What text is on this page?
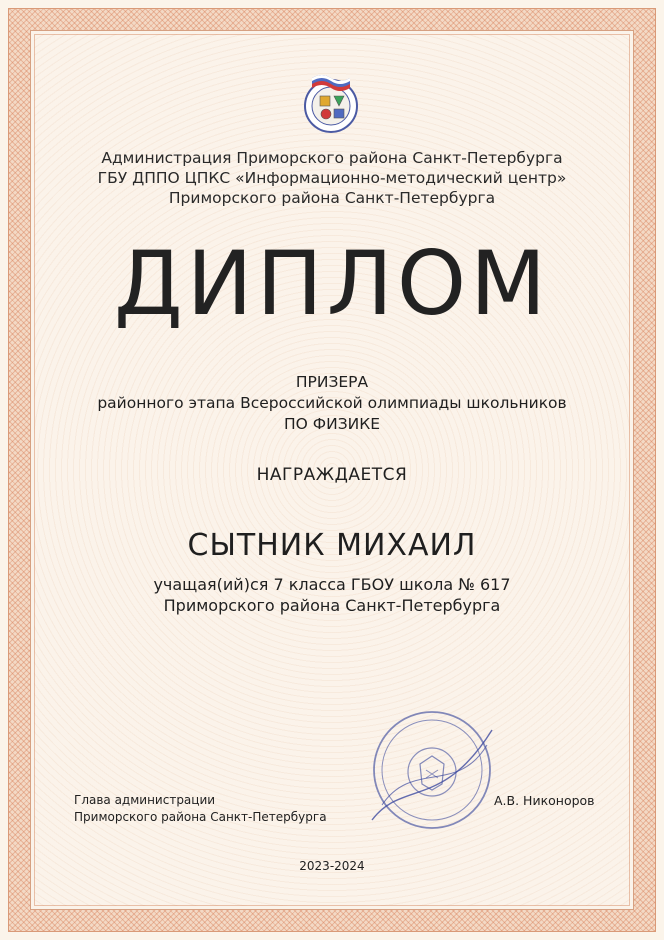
Администрация Приморского района Санкт-Петербурга
ГБУ ДППО ЦПКС «Информационно-методический центр»
Приморского района Санкт-Петербурга
ДИПЛОМ
ПРИЗЕРА
районного этапа Всероссийской олимпиады школьников
ПО ФИЗИКЕ
НАГРАЖДАЕТСЯ
СЫТНИК МИХАИЛ
учащая(ий)ся 7 класса ГБОУ школа № 617
Приморского района Санкт-Петербурга
Глава администрации
Приморского района Санкт-Петербурга
А.В. Никоноров
2023-2024
